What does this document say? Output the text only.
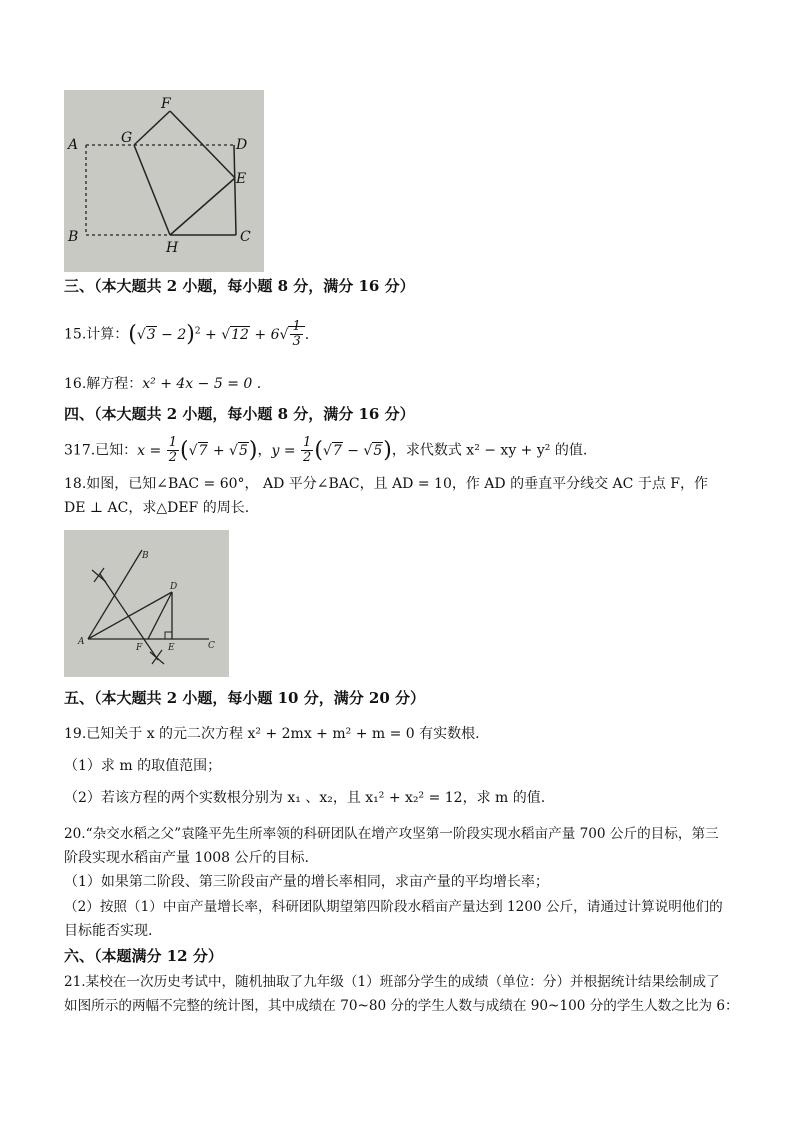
A
B	C
D
E
F
G
H
三、（本大题共 2 小题，每小题 8 分，满分 16 分）
15.计算：$(√3 - 2)^2 + √12 + 6√ \frac{1}{3}$ .
16.解方程：x² + 4x − 5 = 0 .
四、（本大题共 2 小题，每小题 8 分，满分 16 分）
317.已知：$x = \frac{1}{2} (√7 + √5)$，$y = \frac{1}{2} (√7 - √5)$，求代数式 x² − xy + y² 的值.
18.如图，已知∠BAC = 60°， AD 平分∠BAC，且 AD = 10，作 AD 的垂直平分线交 AC 于点 F，作
DE ⊥ AC，求△DEF 的周长.
A
B
C
D
E
F
五、（本大题共 2 小题，每小题 10 分，满分 20 分）
19.已知关于 x 的元二次方程 x² + 2mx + m² + m = 0 有实数根.
（1）求 m 的取值范围；
（2）若该方程的两个实数根分别为 x₁ 、x₂，且 x₁² + x₂² = 12，求 m 的值.
20.“杂交水稻之父”袁隆平先生所率领的科研团队在增产攻坚第一阶段实现水稻亩产量 700 公斤的目标，第三
阶段实现水稻亩产量 1008 公斤的目标.
（1）如果第二阶段、第三阶段亩产量的增长率相同，求亩产量的平均增长率；
（2）按照（1）中亩产量增长率，科研团队期望第四阶段水稻亩产量达到 1200 公斤，请通过计算说明他们的
目标能否实现.
六、（本题满分 12 分）
21.某校在一次历史考试中，随机抽取了九年级（1）班部分学生的成绩（单位：分）并根据统计结果绘制成了
如图所示的两幅不完整的统计图，其中成绩在 70~80 分的学生人数与成绩在 90~100 分的学生人数之比为 6：
